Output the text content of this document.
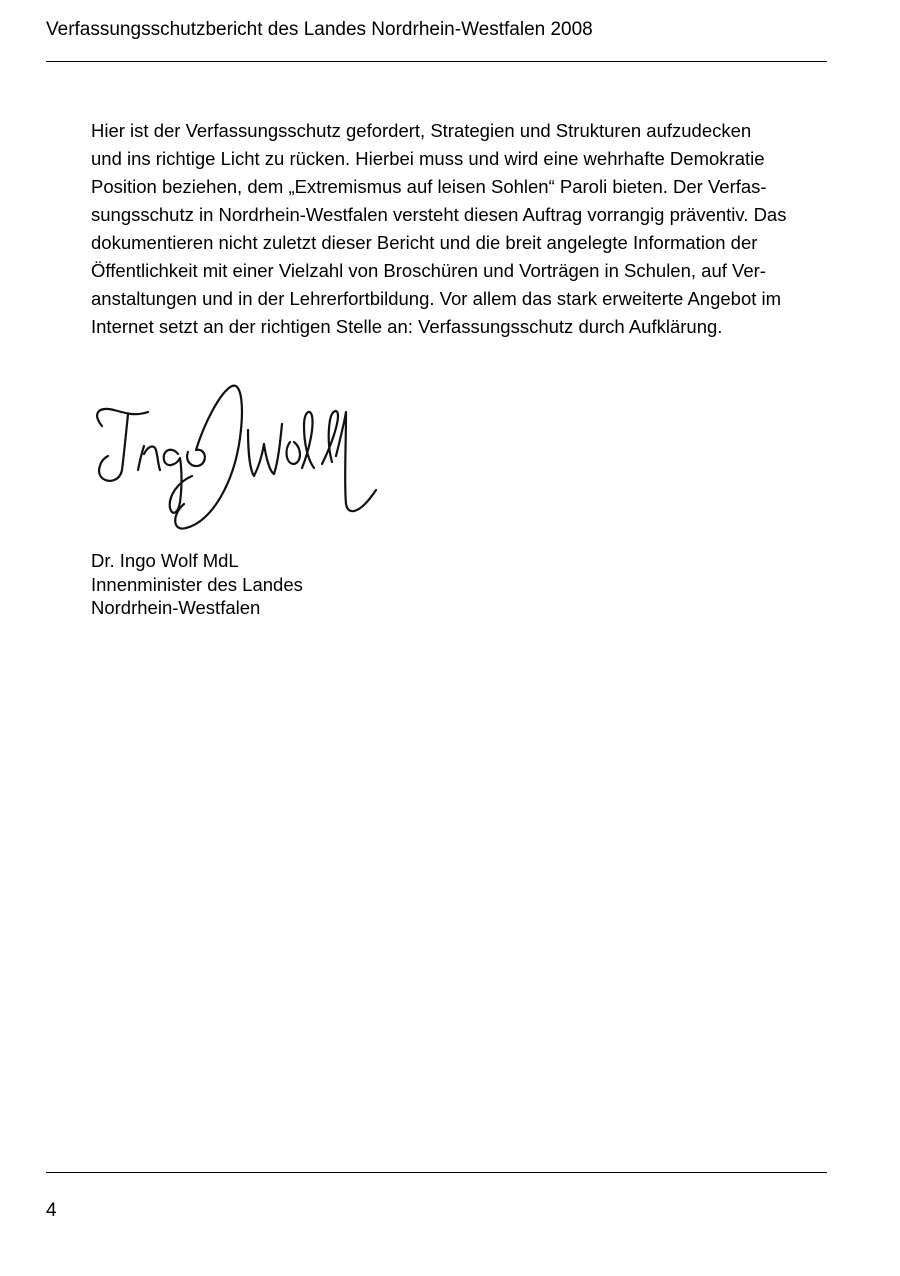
Verfassungsschutzbericht des Landes Nordrhein-Westfalen 2008
Hier ist der Verfassungsschutz gefordert, Strategien und Strukturen aufzudecken
und ins richtige Licht zu rücken. Hierbei muss und wird eine wehrhafte Demokratie
Position beziehen, dem „Extremismus auf leisen Sohlen“ Paroli bieten. Der Verfas-
sungsschutz in Nordrhein-Westfalen versteht diesen Auftrag vorrangig präventiv. Das
dokumentieren nicht zuletzt dieser Bericht und die breit angelegte Information der
Öffentlichkeit mit einer Vielzahl von Broschüren und Vorträgen in Schulen, auf Ver-
anstaltungen und in der Lehrerfortbildung. Vor allem das stark erweiterte Angebot im
Internet setzt an der richtigen Stelle an: Verfassungsschutz durch Aufklärung.
Dr. Ingo Wolf MdL
Innenminister des Landes
Nordrhein-Westfalen
4
